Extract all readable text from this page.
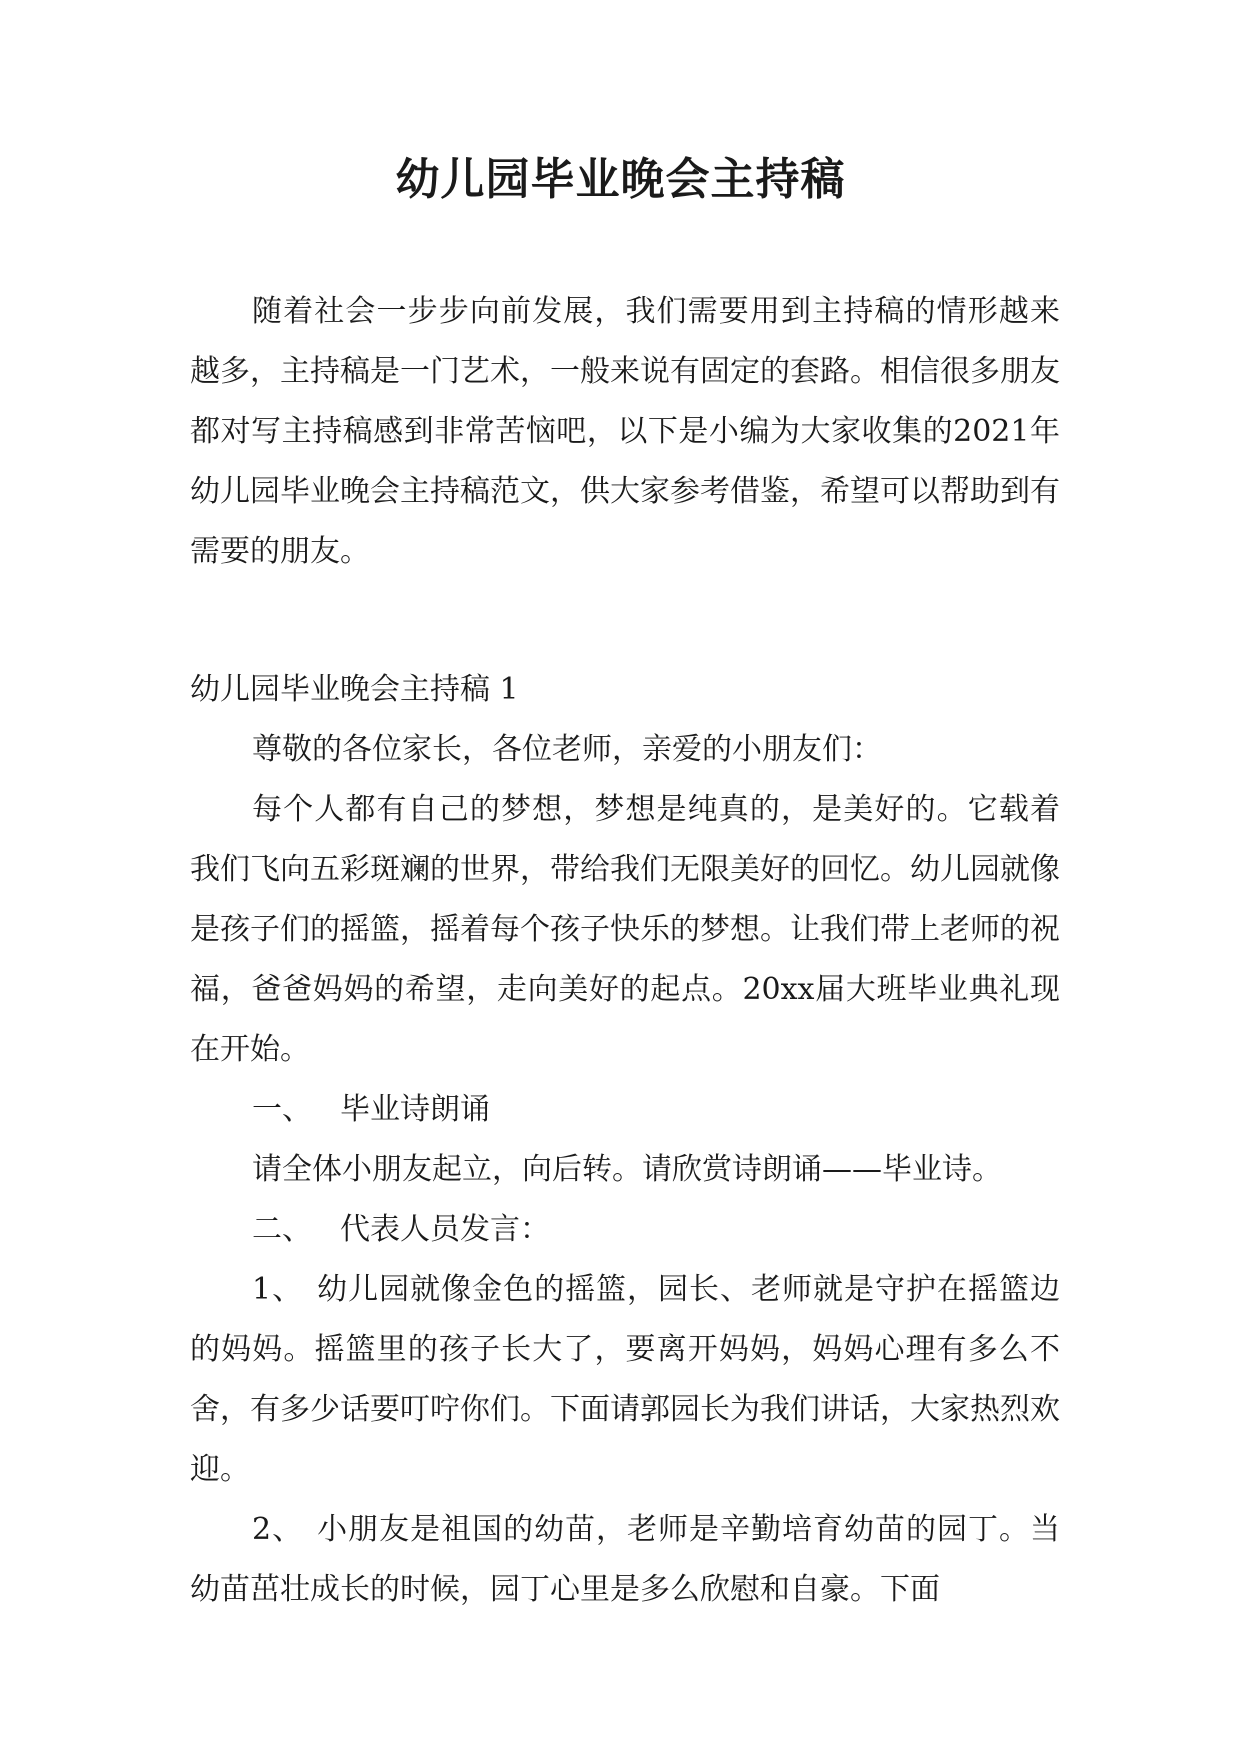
幼儿园毕业晚会主持稿

随着社会一步步向前发展，我们需要用到主持稿的情形越来越多，主持稿是一门艺术，一般来说有固定的套路。相信很多朋友都对写主持稿感到非常苦恼吧，以下是小编为大家收集的2021年幼儿园毕业晚会主持稿范文，供大家参考借鉴，希望可以帮助到有需要的朋友。

幼儿园毕业晚会主持稿 1

尊敬的各位家长，各位老师，亲爱的小朋友们：

每个人都有自己的梦想，梦想是纯真的，是美好的。它载着我们飞向五彩斑斓的世界，带给我们无限美好的回忆。幼儿园就像是孩子们的摇篮，摇着每个孩子快乐的梦想。让我们带上老师的祝福，爸爸妈妈的希望，走向美好的起点。20xx届大班毕业典礼现在开始。

一、 毕业诗朗诵

请全体小朋友起立，向后转。请欣赏诗朗诵——毕业诗。

二、 代表人员发言：

1、 幼儿园就像金色的摇篮，园长、老师就是守护在摇篮边的妈妈。摇篮里的孩子长大了，要离开妈妈，妈妈心理有多么不舍，有多少话要叮咛你们。下面请郭园长为我们讲话，大家热烈欢迎。

2、 小朋友是祖国的幼苗，老师是辛勤培育幼苗的园丁。当幼苗茁壮成长的时候，园丁心里是多么欣慰和自豪。下面
